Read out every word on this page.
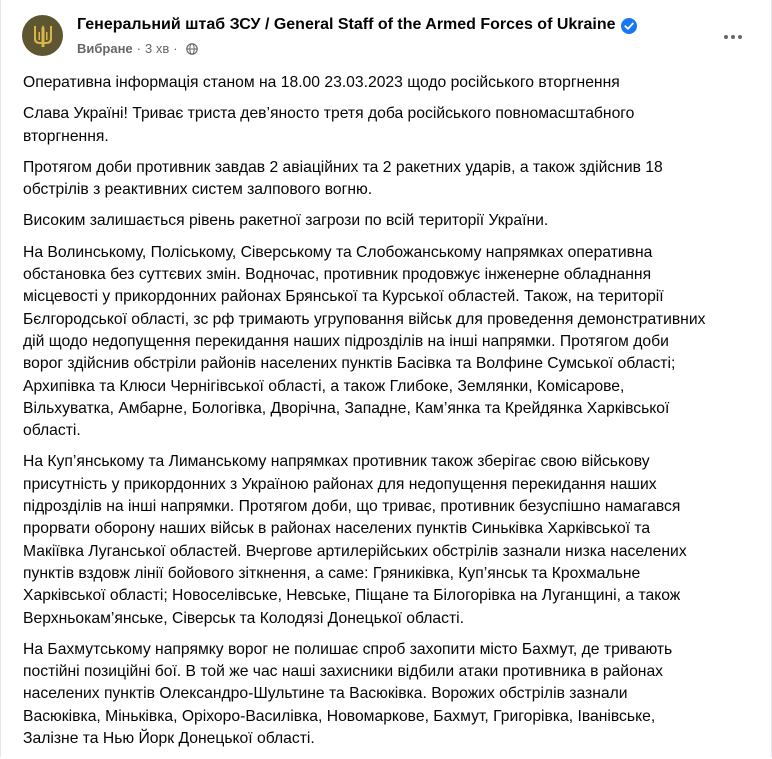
Генеральний штаб ЗСУ / General Staff of the Armed Forces of Ukraine
Вибране · 3 хв ·

Оперативна інформація станом на 18.00 23.03.2023 щодо російського вторгнення

Слава Україні! Триває триста дев’яносто третя доба російського повномасштабного
вторгнення.

Протягом доби противник завдав 2 авіаційних та 2 ракетних ударів, а також здійснив 18
обстрілів з реактивних систем залпового вогню.

Високим залишається рівень ракетної загрози по всій території України.

На Волинському, Поліському, Сіверському та Слобожанському напрямках оперативна
обстановка без суттєвих змін. Водночас, противник продовжує інженерне обладнання
місцевості у прикордонних районах Брянської та Курської областей. Також, на території
Бєлгородської області, зс рф тримають угруповання військ для проведення демонстративних
дій щодо недопущення перекидання наших підрозділів на інші напрямки. Протягом доби
ворог здійснив обстріли районів населених пунктів Басівка та Волфине Сумської області;
Архипівка та Клюси Чернігівської області, а також Глибоке, Землянки, Комісарове,
Вільхуватка, Амбарне, Бологівка, Дворічна, Западне, Кам’янка та Крейдянка Харківської
області.

На Куп’янському та Лиманському напрямках противник також зберігає свою військову
присутність у прикордонних з Україною районах для недопущення перекидання наших
підрозділів на інші напрямки. Протягом доби, що триває, противник безуспішно намагався
прорвати оборону наших військ в районах населених пунктів Синьківка Харківської та
Макіївка Луганської областей. Вчергове артилерійських обстрілів зазнали низка населених
пунктів вздовж лінії бойового зіткнення, а саме: Гряниківка, Куп’янськ та Крохмальне
Харківської області; Новоселівське, Невське, Піщане та Білогорівка на Луганщині, а також
Верхньокам’янське, Сіверськ та Колодязі Донецької області.

На Бахмутському напрямку ворог не полишає спроб захопити місто Бахмут, де тривають
постійні позиційні бої. В той же час наші захисники відбили атаки противника в районах
населених пунктів Олександро-Шультине та Васюківка. Ворожих обстрілів зазнали
Васюківка, Міньківка, Оріхоро-Василівка, Новомаркове, Бахмут, Григорівка, Іванівське,
Залізне та Нью Йорк Донецької області.
